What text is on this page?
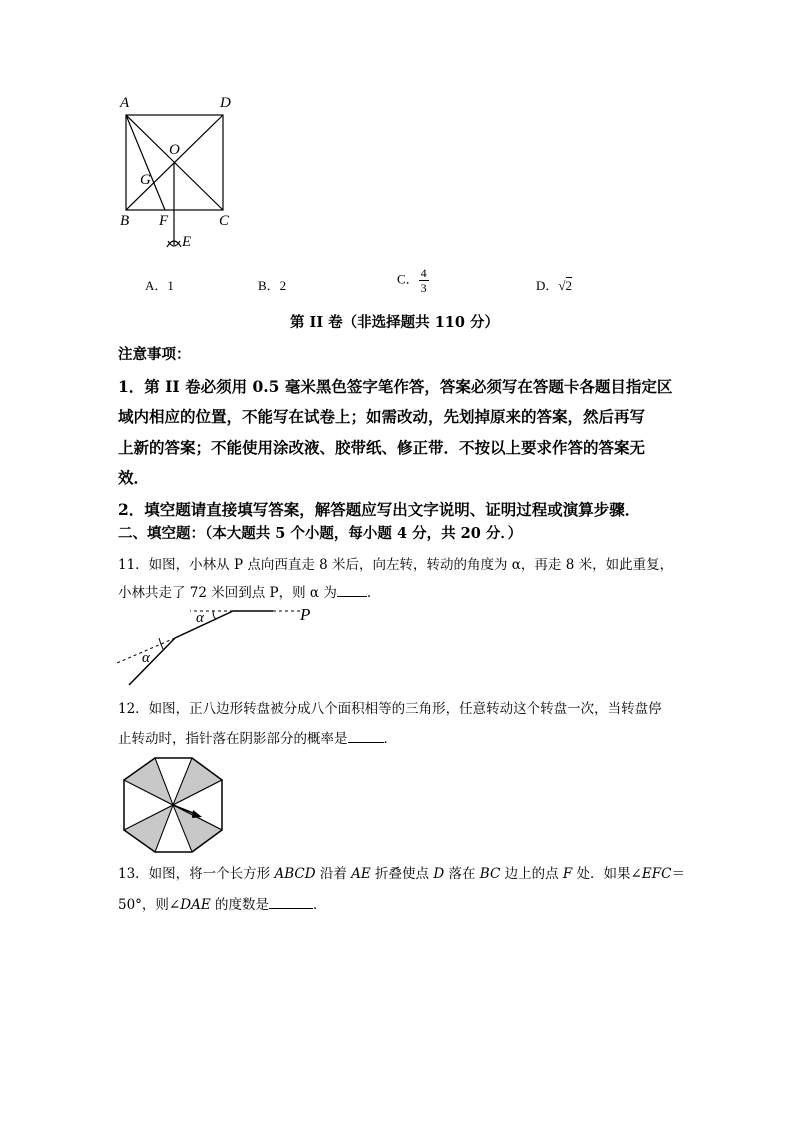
A	D
O
G
B F	C
E
A．1	B．2	C． $\frac{4}{3}$	D．√2
第 II 卷（非选择题共 110 分）
注意事项：
1．第 II 卷必须用 0.5 毫米黑色签字笔作答，答案必须写在答题卡各题目指定区
域内相应的位置，不能写在试卷上；如需改动，先划掉原来的答案，然后再写
上新的答案；不能使用涂改液、胶带纸、修正带．不按以上要求作答的答案无
效．
2．填空题请直接填写答案，解答题应写出文字说明、证明过程或演算步骤．
二、填空题：（本大题共 5 个小题，每小题 4 分，共 20 分．）
11．如图，小林从 P 点向西直走 8 米后，向左转，转动的角度为 α，再走 8 米，如此重复，
小林共走了 72 米回到点 P，则 α 为 ．
α
α
P
12．如图，正八边形转盘被分成八个面积相等的三角形，任意转动这个转盘一次，当转盘停
止转动时，指针落在阴影部分的概率是	．
13．如图，将一个长方形 ABCD 沿着 AE 折叠使点 D 落在 BC 边上的点 F 处．如果∠EFC＝
50°，则∠DAE 的度数是	．
